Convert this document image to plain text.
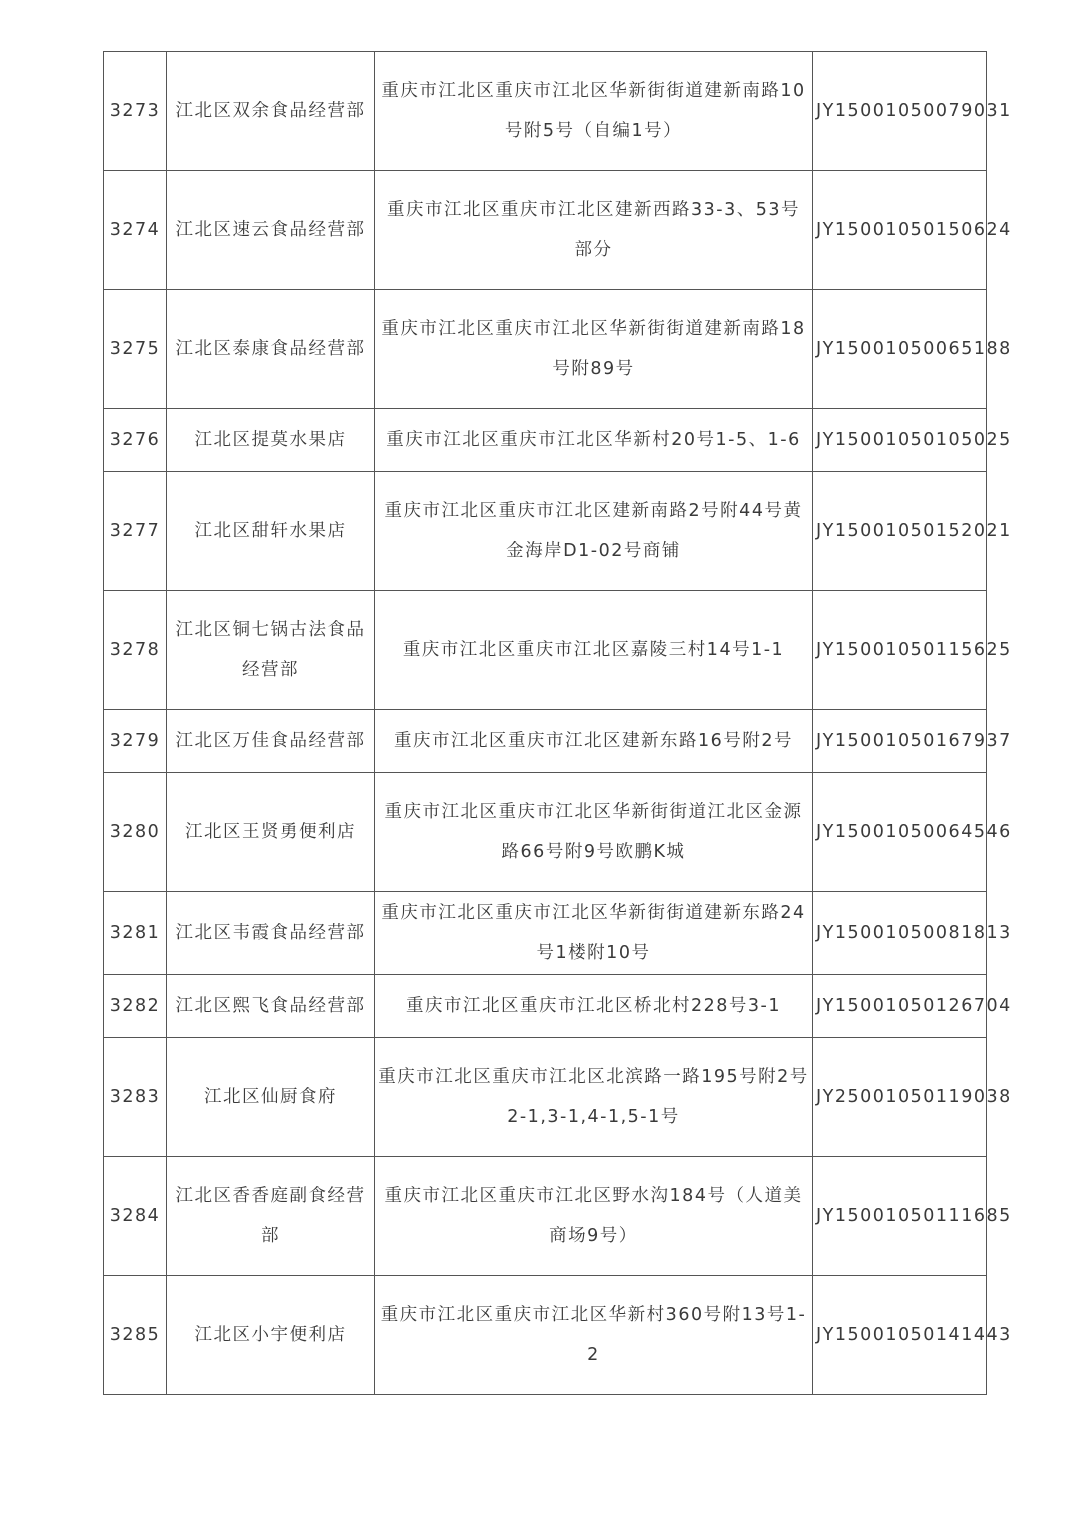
3273	江北区双余食品经营部	重庆市江北区重庆市江北区华新街街道建新南路10号附5号（自编1号）	JY15001050079031
3274	江北区速云食品经营部	重庆市江北区重庆市江北区建新西路33-3、53号部分	JY15001050150624
3275	江北区泰康食品经营部	重庆市江北区重庆市江北区华新街街道建新南路18号附89号	JY15001050065188
3276	江北区提莫水果店	重庆市江北区重庆市江北区华新村20号1-5、1-6	JY15001050105025
3277	江北区甜轩水果店	重庆市江北区重庆市江北区建新南路2号附44号黄金海岸D1-02号商铺	JY15001050152021
3278	江北区铜七锅古法食品经营部	重庆市江北区重庆市江北区嘉陵三村14号1-1	JY15001050115625
3279	江北区万佳食品经营部	重庆市江北区重庆市江北区建新东路16号附2号	JY15001050167937
3280	江北区王贤勇便利店	重庆市江北区重庆市江北区华新街街道江北区金源路66号附9号欧鹏K城	JY15001050064546
3281	江北区韦霞食品经营部	重庆市江北区重庆市江北区华新街街道建新东路24号1楼附10号	JY15001050081813
3282	江北区熙飞食品经营部	重庆市江北区重庆市江北区桥北村228号3-1	JY15001050126704
3283	江北区仙厨食府	重庆市江北区重庆市江北区北滨路一路195号附2号2-1,3-1,4-1,5-1号	JY25001050119038
3284	江北区香香庭副食经营部	重庆市江北区重庆市江北区野水沟184号（人道美商场9号）	JY15001050111685
3285	江北区小宇便利店	重庆市江北区重庆市江北区华新村360号附13号1-2	JY15001050141443
